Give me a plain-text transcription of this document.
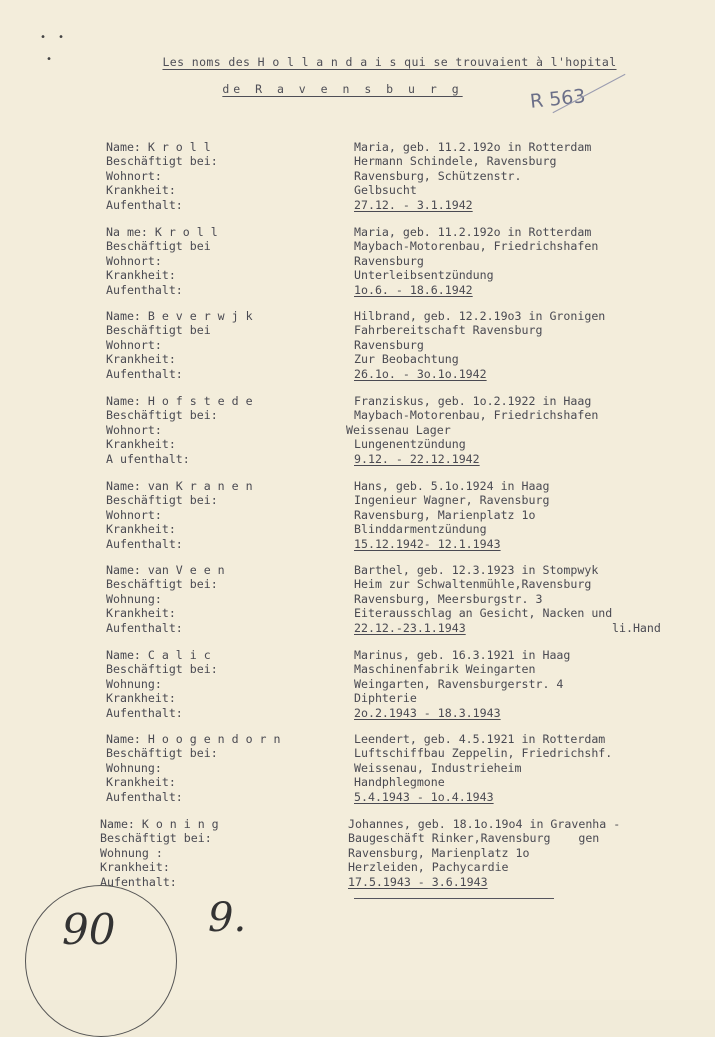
•  •

•	Les noms des H o l l a n d a i s qui se trouvaient à l'hopital
de R a v e n s b u r g	R 563
Name: K r o l l	Maria, geb. 11.2.192o in Rotterdam
Beschäftigt bei:	Hermann Schindele, Ravensburg
Wohnort:	Ravensburg, Schützenstr.
Krankheit:	Gelbsucht
Aufenthalt:	27.12. - 3.1.1942
Na me: K r o l l	Maria, geb. 11.2.192o in Rotterdam
Beschäftigt bei	Maybach-Motorenbau, Friedrichshafen
Wohnort:	Ravensburg
Krankheit:	Unterleibsentzündung
Aufenthalt:	1o.6. - 18.6.1942
Name: B e v e r w j k	Hilbrand, geb. 12.2.19o3 in Gronigen
Beschäftigt bei	Fahrbereitschaft Ravensburg
Wohnort:	Ravensburg
Krankheit:	Zur Beobachtung
Aufenthalt:	26.1o. - 3o.1o.1942
Name: H o f s t e d e	Franziskus, geb. 1o.2.1922 in Haag
Beschäftigt bei:	Maybach-Motorenbau, Friedrichshafen
Wohnort:	Weissenau Lager
Krankheit:	Lungenentzündung
A ufenthalt:	9.12. - 22.12.1942
Name: van K r a n e n	Hans, geb. 5.1o.1924 in Haag
Beschäftigt bei:	Ingenieur Wagner, Ravensburg
Wohnort:	Ravensburg, Marienplatz 1o
Krankheit:	Blinddarmentzündung
Aufenthalt:	15.12.1942- 12.1.1943
Name: van V e e n	Barthel, geb. 12.3.1923 in Stompwyk
Beschäftigt bei:	Heim zur Schwaltenmühle,Ravensburg
Wohnung:	Ravensburg, Meersburgstr. 3
Krankheit:	Eiterausschlag an Gesicht, Nacken und
Aufenthalt:	22.12.-23.1.1943	li.Hand
Name: C a l i c	Marinus, geb. 16.3.1921 in Haag
Beschäftigt bei:	Maschinenfabrik Weingarten
Wohnung:	Weingarten, Ravensburgerstr. 4
Krankheit:	Diphterie
Aufenthalt:	2o.2.1943 - 18.3.1943
Name: H o o g e n d o r n	Leendert, geb. 4.5.1921 in Rotterdam
Beschäftigt bei:	Luftschiffbau Zeppelin, Friedrichshf.
Wohnung:	Weissenau, Industrieheim
Krankheit:	Handphlegmone
Aufenthalt:	5.4.1943 - 1o.4.1943
Name: K o n i n g	Johannes, geb. 18.1o.19o4 in Gravenha -
Beschäftigt bei:	Baugeschäft Rinker,Ravensburg    gen
Wohnung :	Ravensburg, Marienplatz 1o
Krankheit:	Herzleiden, Pachycardie
Aufenthalt:	17.5.1943 - 3.6.1943
90 9.
